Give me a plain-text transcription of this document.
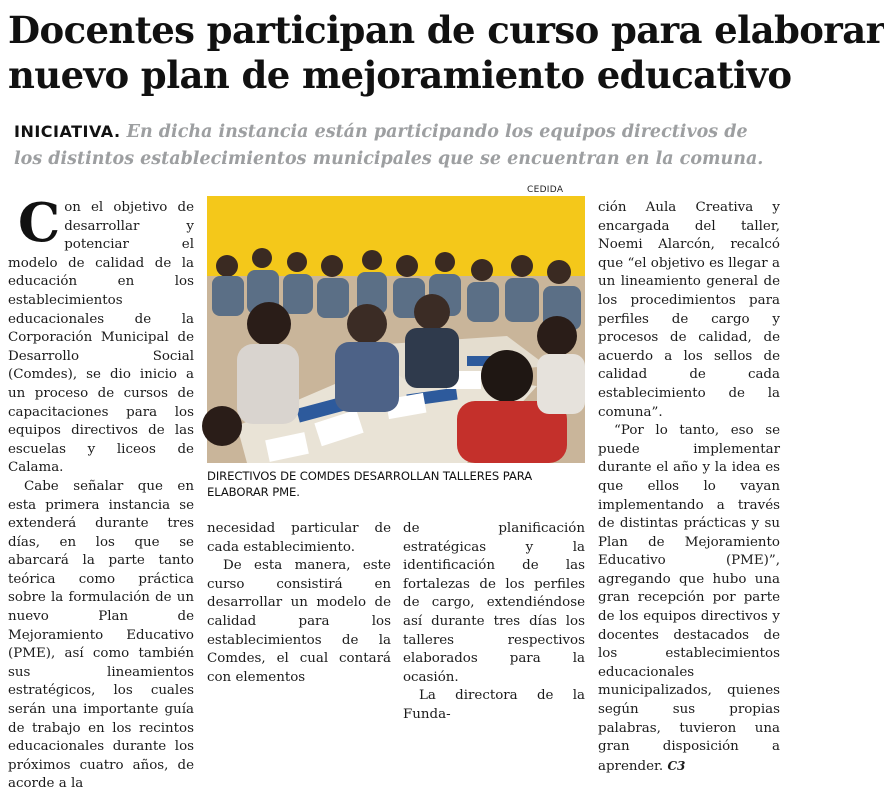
Docentes participan de curso para elaborar
nuevo plan de mejoramiento educativo
INICIATIVA. En dicha instancia están participando los equipos directivos de los distintos establecimientos municipales que se encuentran en la comuna.
C on el objetivo de desarrollar y potenciar el modelo de calidad de la educación en los establecimientos educacionales de la Corporación Municipal de Desarrollo Social (Comdes), se dio inicio a un proceso de cursos de capacitaciones para los equipos directivos de las escuelas y liceos de Calama.

Cabe señalar que en esta primera instancia se extenderá durante tres días, en los que se abarcará la parte tanto teórica como práctica sobre la formulación de un nuevo Plan de Mejoramiento Educativo (PME), así como también sus lineamientos estratégicos, los cuales serán una importante guía de trabajo en los recintos educacionales durante los próximos cuatro años, de acorde a la

CEDIDA
DIRECTIVOS DE COMDES DESARROLLAN TALLERES PARA ELABORAR PME.

necesidad particular de cada establecimiento.

De esta manera, este curso consistirá en desarrollar un modelo de calidad para los establecimientos de la Comdes, el cual contará con elementos

de planificación estratégicas y la identificación de las fortalezas de los perfiles de cargo, extendiéndose así durante tres días los talleres respectivos elaborados para la ocasión.

La directora de la Funda-

ción Aula Creativa y encargada del taller, Noemi Alarcón, recalcó que “el objetivo es llegar a un lineamiento general de los procedimientos para perfiles de cargo y procesos de calidad, de acuerdo a los sellos de calidad de cada establecimiento de la comuna”.

“Por lo tanto, eso se puede implementar durante el año y la idea es que ellos lo vayan implementando a través de distintas prácticas y su Plan de Mejoramiento Educativo (PME)”, agregando que hubo una gran recepción por parte de los equipos directivos y docentes destacados de los establecimientos educacionales municipalizados, quienes según sus propias palabras, tuvieron una gran disposición a aprender. C3
